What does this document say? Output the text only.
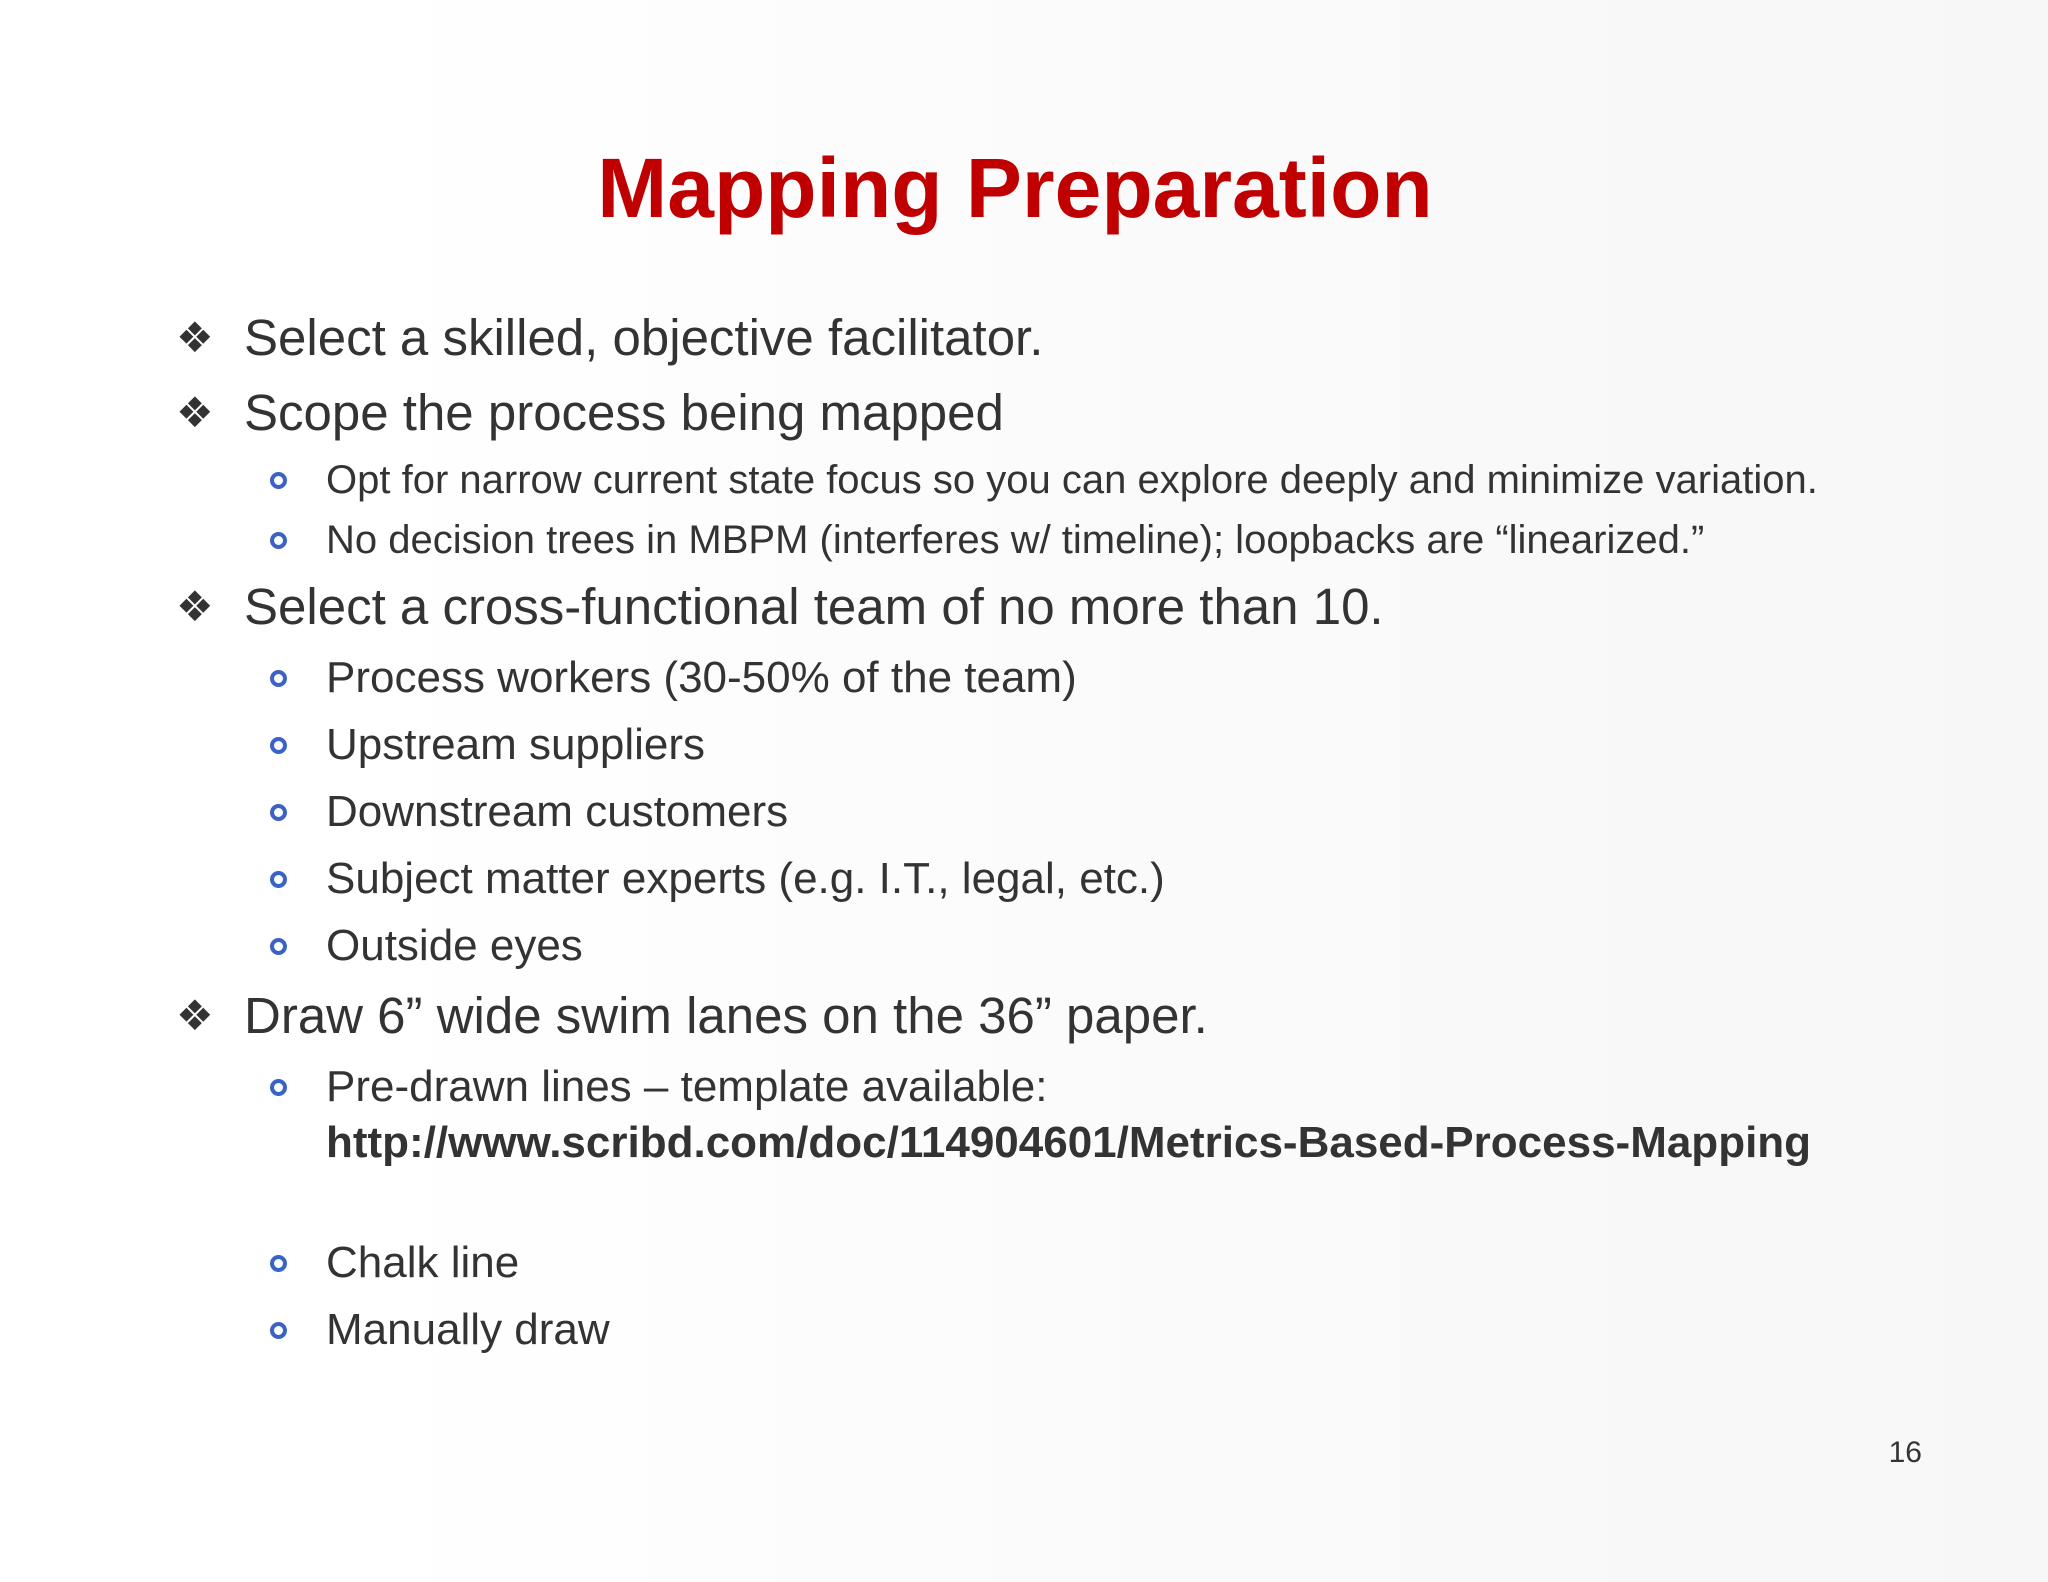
Mapping Preparation
❖ Select a skilled, objective facilitator.
❖ Scope the process being mapped
Opt for narrow current state focus so you can explore deeply and minimize variation.
No decision trees in MBPM (interferes w/ timeline); loopbacks are “linearized.”
❖ Select a cross-functional team of no more than 10.
Process workers (30-50% of the team)
Upstream suppliers
Downstream customers
Subject matter experts (e.g. I.T., legal, etc.)
Outside eyes
❖ Draw 6” wide swim lanes on the 36” paper.
Pre-drawn lines – template available:
http://www.scribd.com/doc/114904601/Metrics-Based-Process-Mapping
Chalk line
Manually draw
16
